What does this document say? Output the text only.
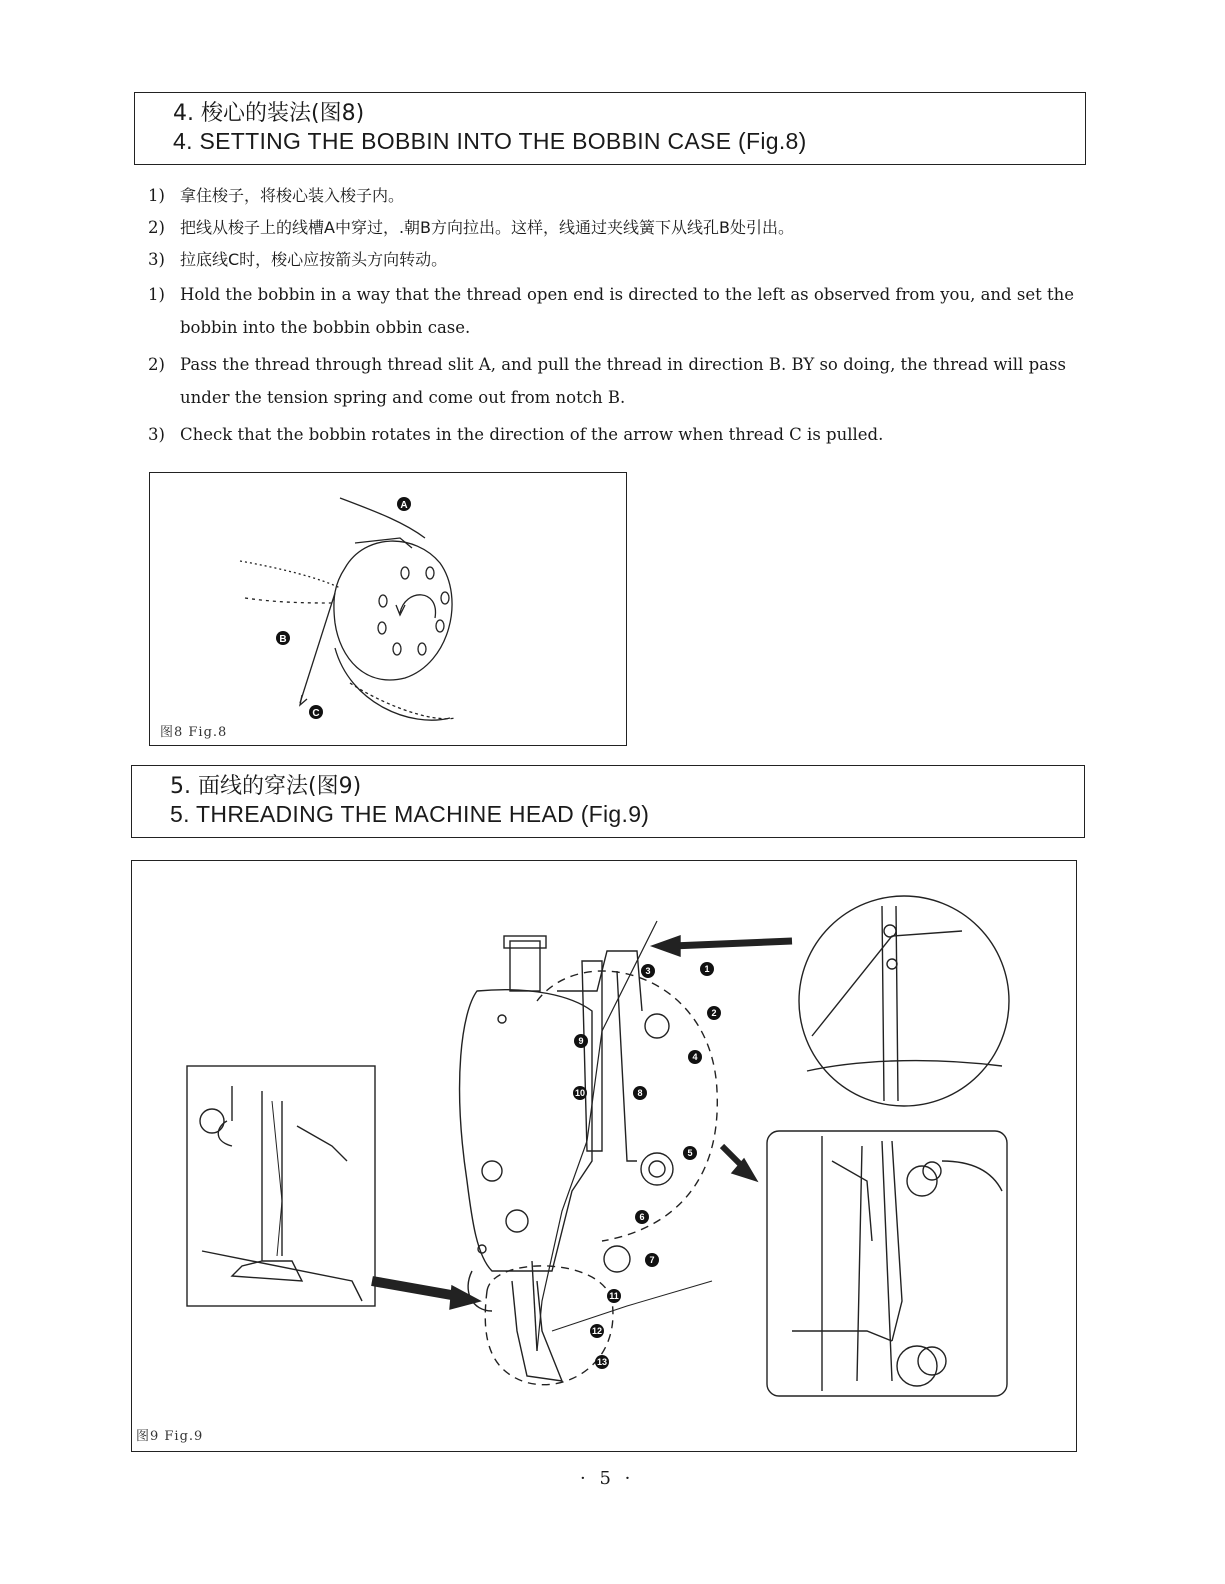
4. 梭心的装法(图8)
4. SETTING THE BOBBIN INTO THE BOBBIN CASE (Fig.8)
1) 拿住梭子，将梭心装入梭子内。
2) 把线从梭子上的线槽A中穿过，.朝B方向拉出。这样，线通过夹线簧下从线孔B处引出。
3) 拉底线C时，梭心应按箭头方向转动。
1) Hold the bobbin in a way that the thread open end is directed to the left as observed from you, and set the bobbin into the bobbin obbin case.
2) Pass the thread through thread slit A, and pull the thread in direction B. BY so doing, the thread will pass under the tension spring and come out from notch B.
3) Check that the bobbin rotates in the direction of the arrow when thread C is pulled.
A
B
C
图8 Fig.8
5. 面线的穿法(图9)
5. THREADING THE MACHINE HEAD (Fig.9)
1
2
3
4
5
6
7
8
9
10
11
12
13
图9 Fig.9
· 5 ·
